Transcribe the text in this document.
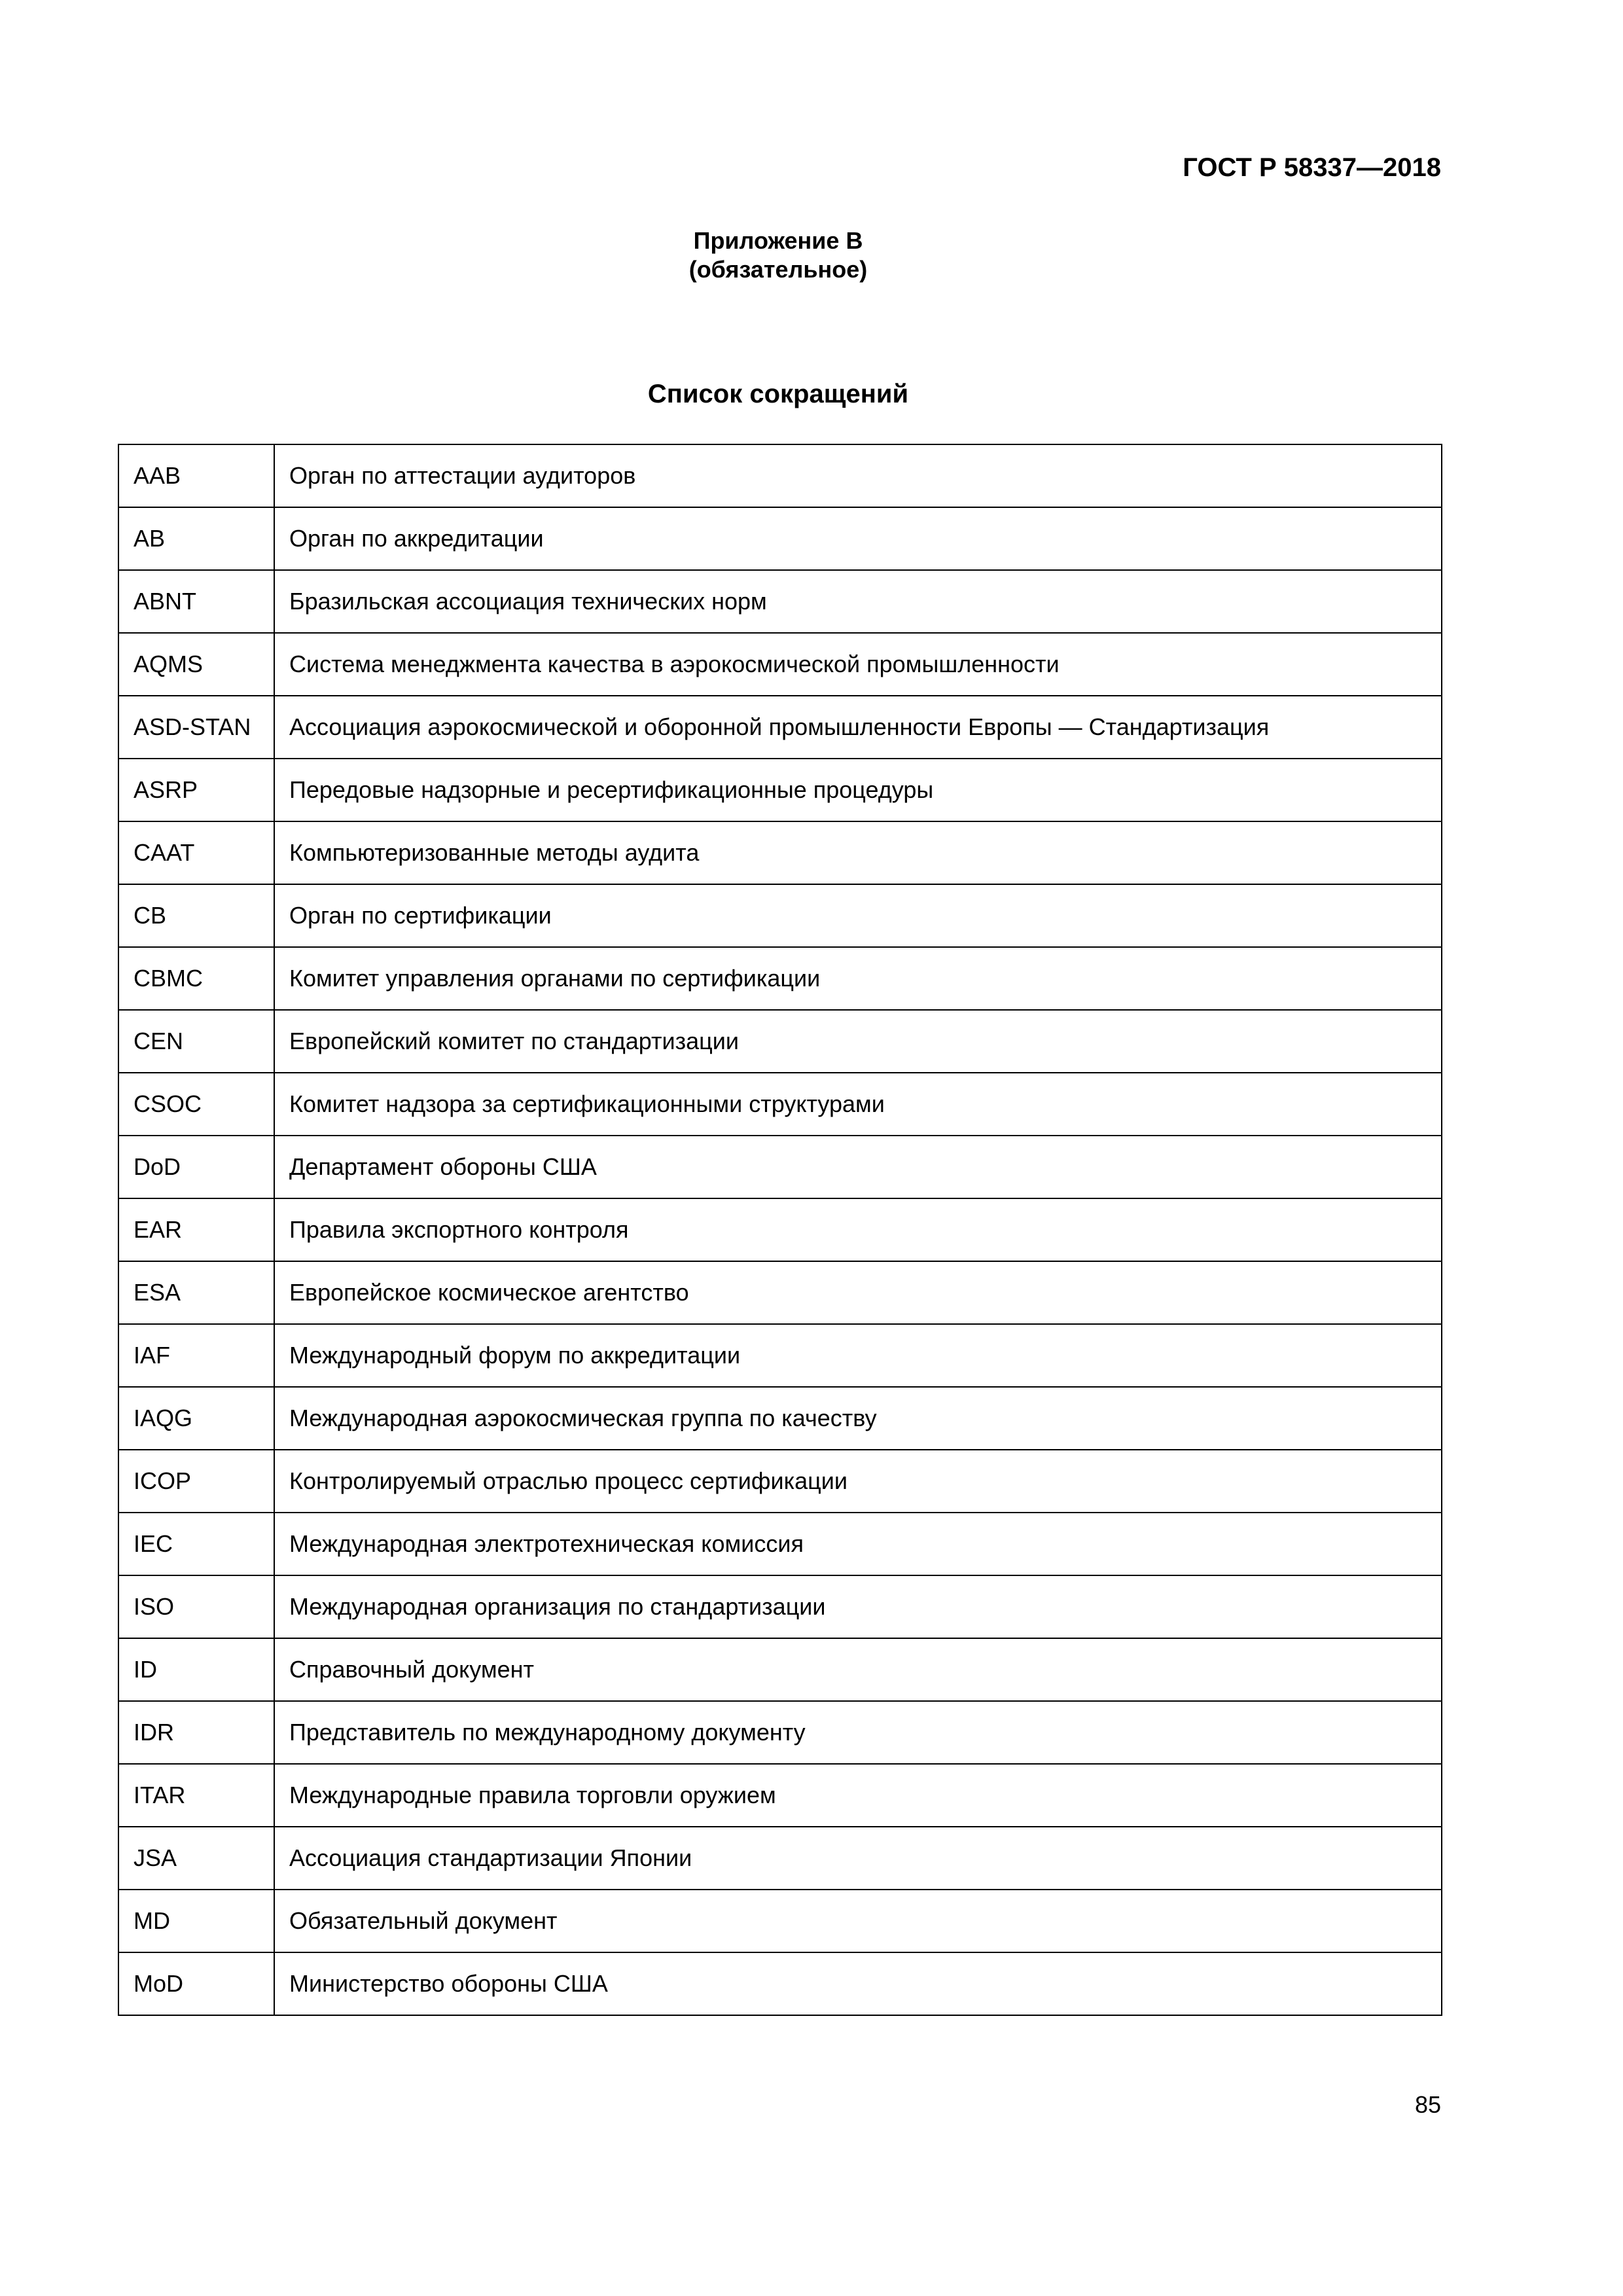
ГОСТ Р 58337—2018
Приложение В
(обязательное)
Список сокращений
AAB	Орган по аттестации аудиторов
AB	Орган по аккредитации
ABNT	Бразильская ассоциация технических норм
AQMS	Система менеджмента качества в аэрокосмической промышленности
ASD-STAN	Ассоциация аэрокосмической и оборонной промышленности Европы — Стандартизация
ASRP	Передовые надзорные и ресертификационные процедуры
CAAT	Компьютеризованные методы аудита
CB	Орган по сертификации
CBMC	Комитет управления органами по сертификации
CEN	Европейский комитет по стандартизации
CSOC	Комитет надзора за сертификационными структурами
DoD	Департамент обороны США
EAR	Правила экспортного контроля
ESA	Европейское космическое агентство
IAF	Международный форум по аккредитации
IAQG	Международная аэрокосмическая группа по качеству
ICOP	Контролируемый отраслью процесс сертификации
IEC	Международная электротехническая комиссия
ISO	Международная организация по стандартизации
ID	Справочный документ
IDR	Представитель по международному документу
ITAR	Международные правила торговли оружием
JSA	Ассоциация стандартизации Японии
MD	Обязательный документ
MoD	Министерство обороны США
85
